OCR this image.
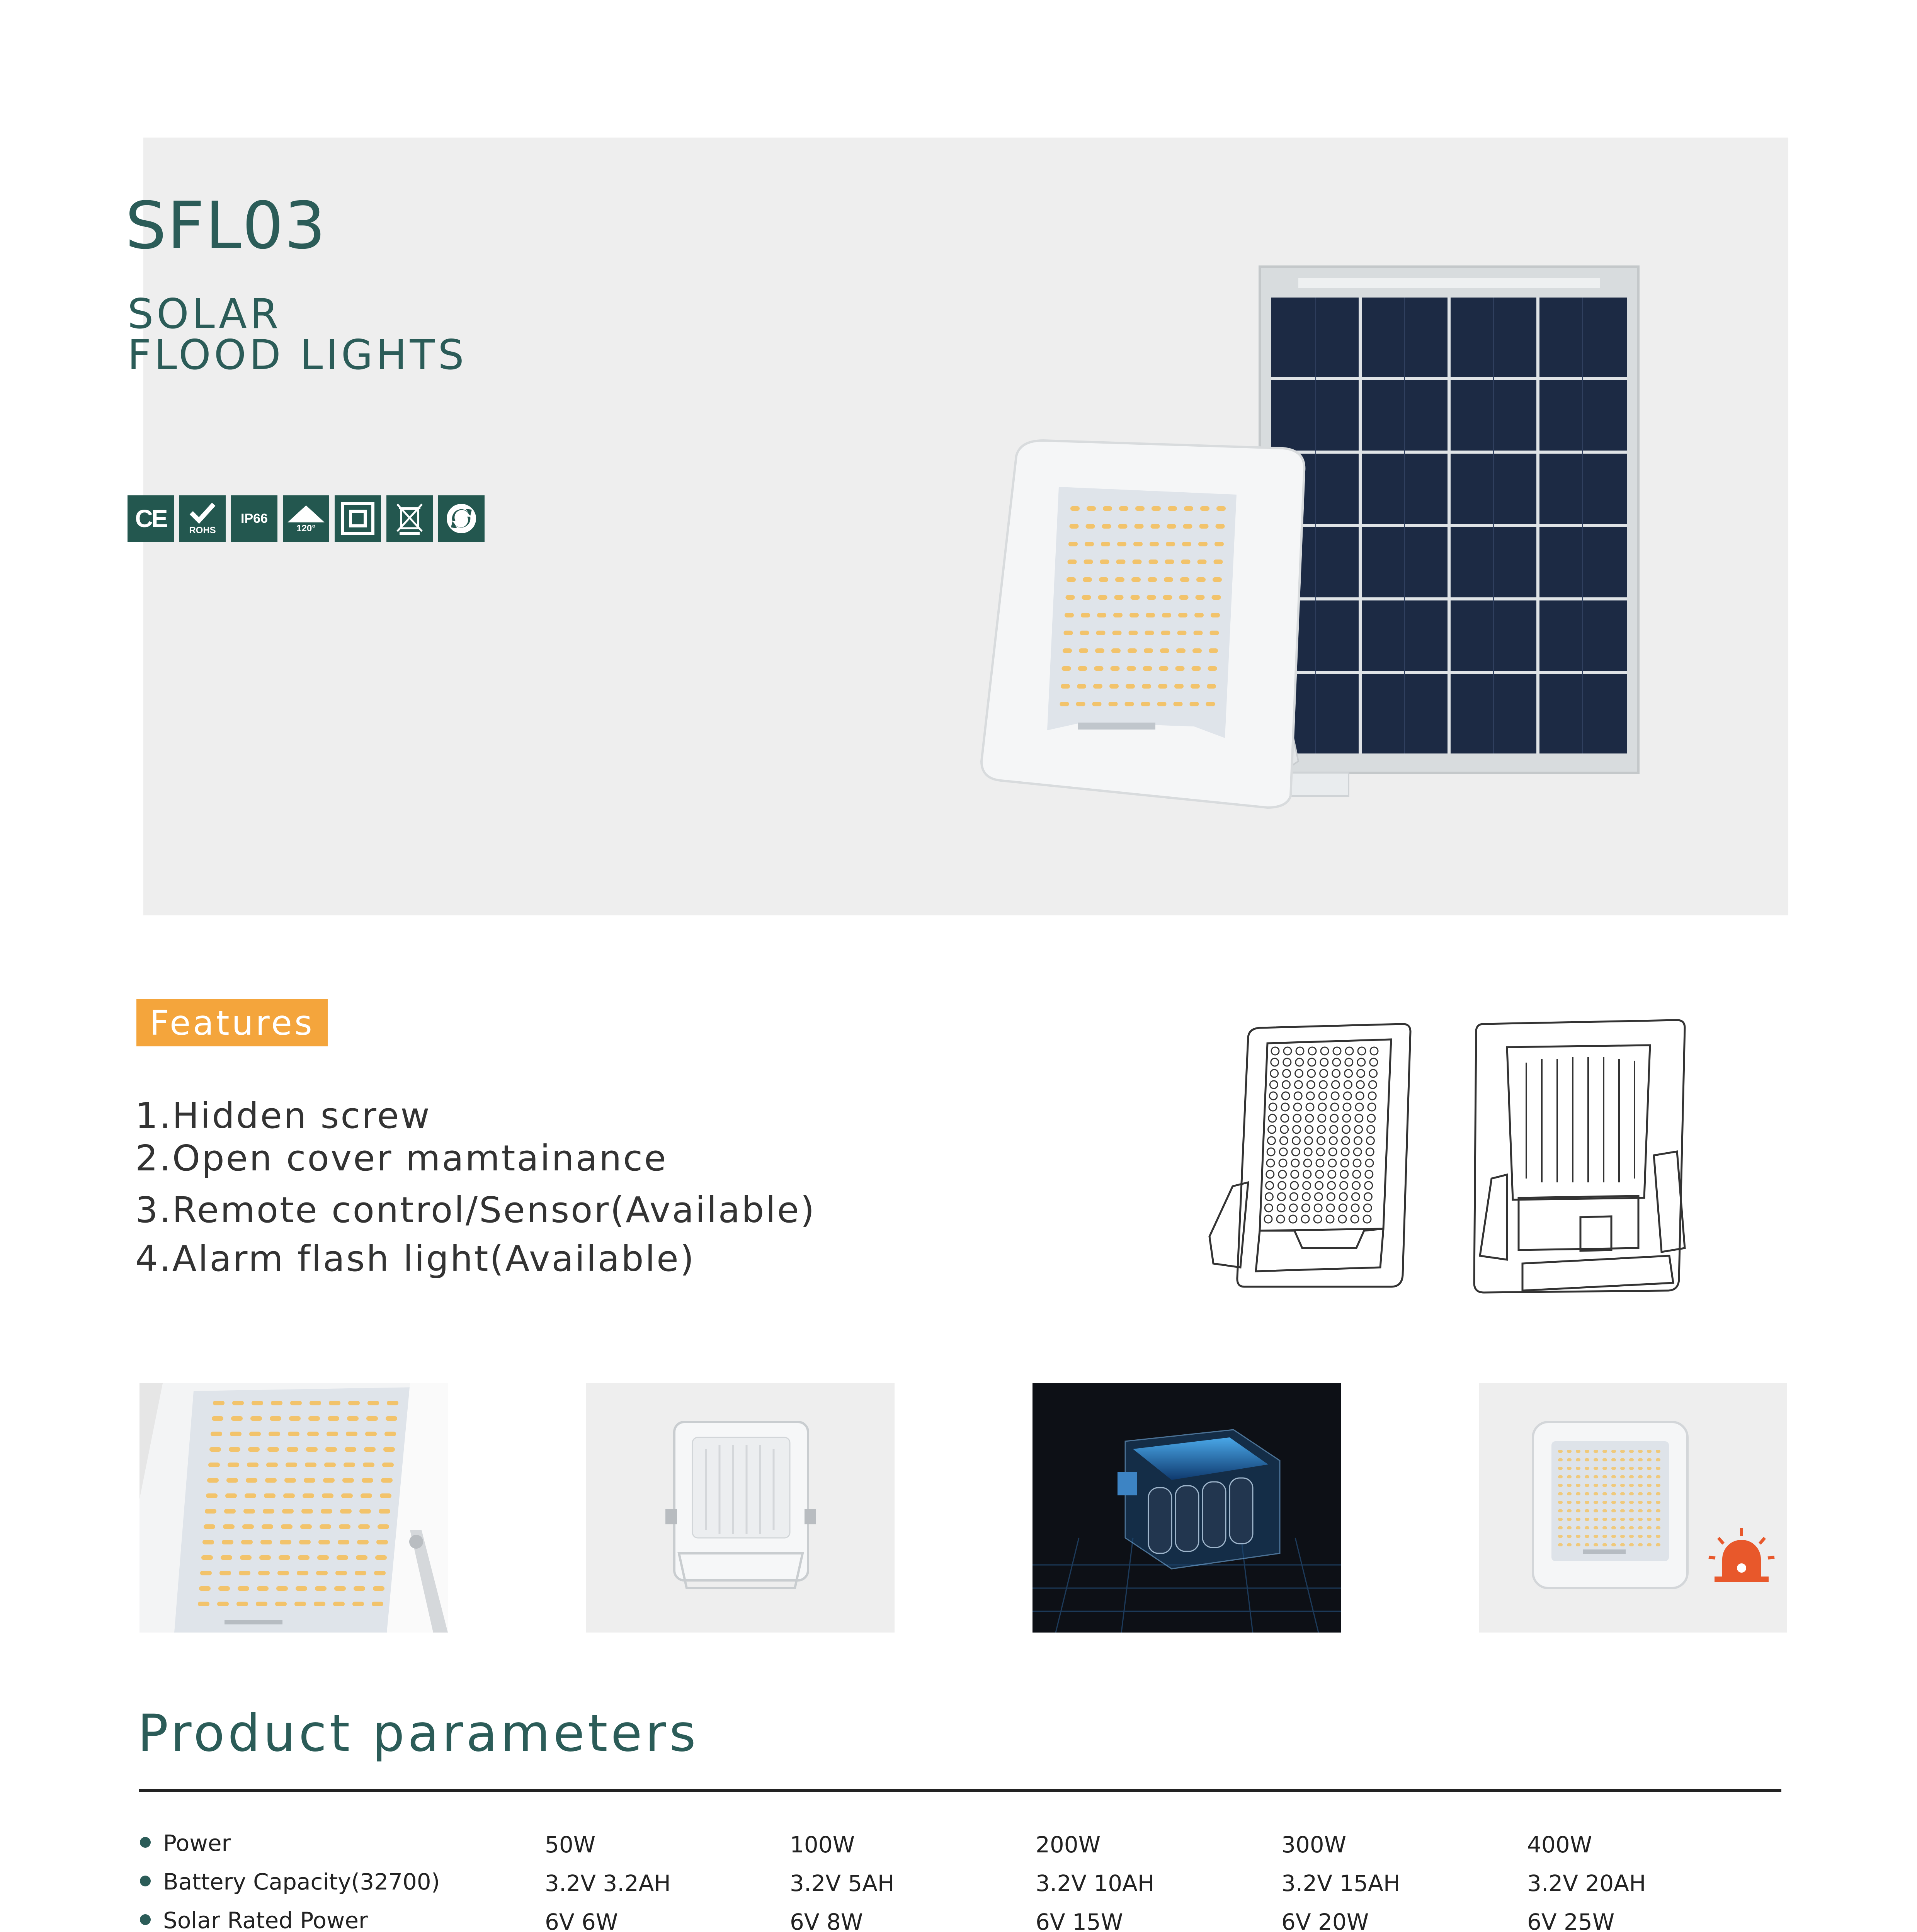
SFL03
SOLAR
FLOOD LIGHTS
CE ROHS
IP66
120°
Features
1.Hidden screw
2.Open cover mamtainance
3.Remote control/Sensor(Available)
4.Alarm flash light(Available)
Product parameters
Power	50W	100W	200W	300W	400W
Battery Capacity(32700)	3.2V 3.2AH	3.2V 5AH	3.2V 10AH	3.2V 15AH	3.2V 20AH
Solar Rated Power	6V 6W	6V 8W	6V 15W	6V 20W	6V 25W
